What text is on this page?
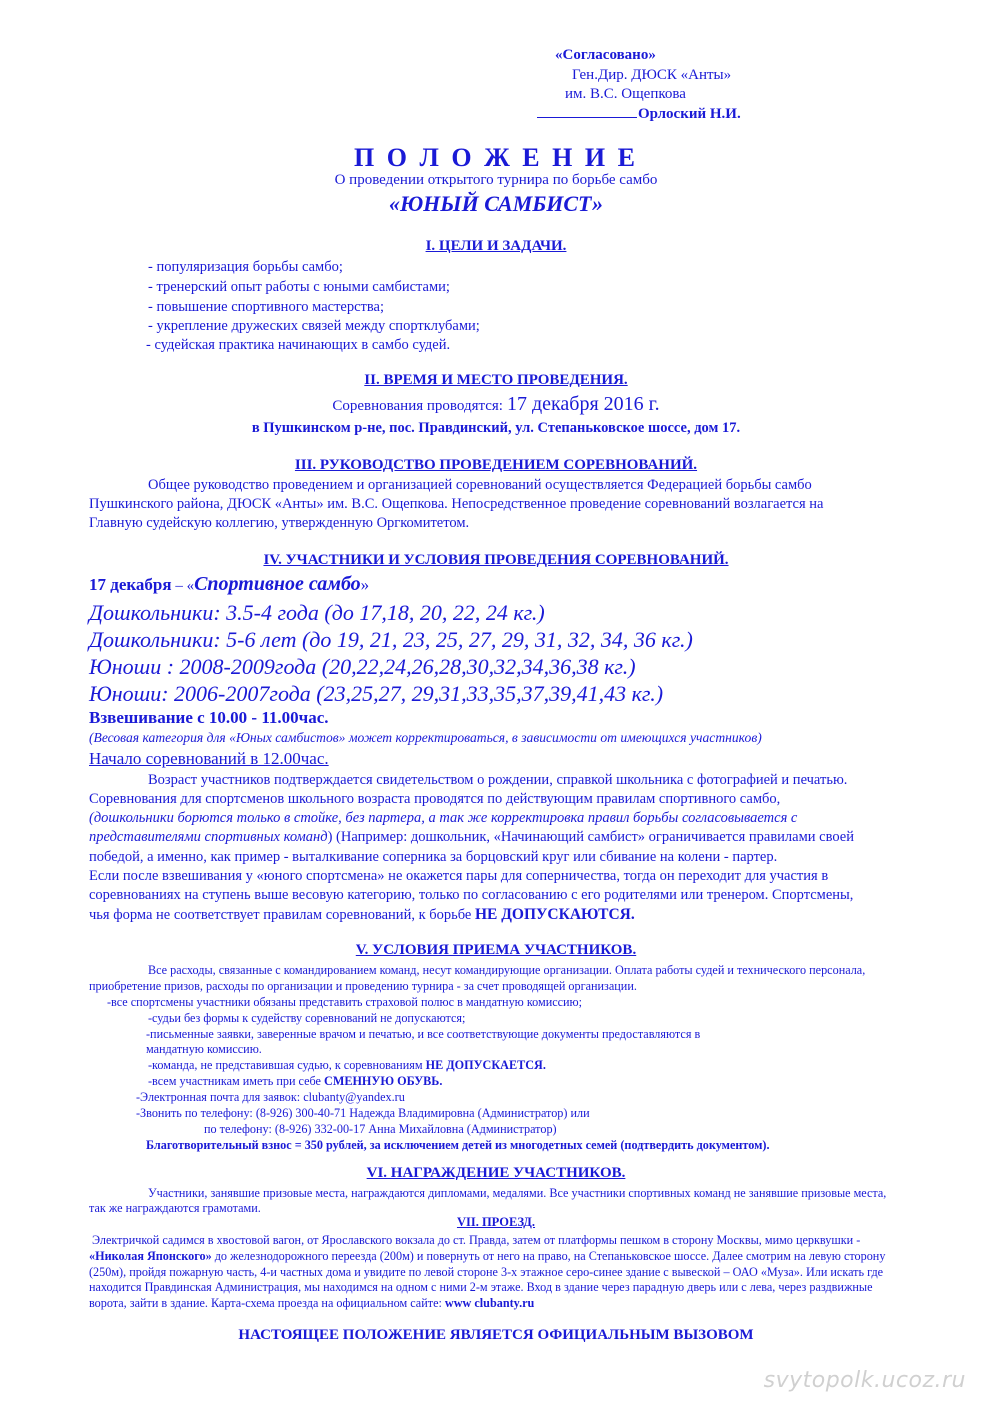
«Согласовано»
Ген.Дир. ДЮСК «Анты»
им. В.С. Ощепкова
Орлоский Н.И.
П О Л О Ж Е Н И Е
О проведении открытого турнира по борьбе самбо
«ЮНЫЙ САМБИСТ»
I. ЦЕЛИ И ЗАДАЧИ.
- популяризация борьбы самбо;
- тренерский опыт работы с юными самбистами;
- повышение спортивного мастерства;
- укрепление дружеских связей между спортклубами;
- судейская практика начинающих в самбо судей.
II. ВРЕМЯ И МЕСТО ПРОВЕДЕНИЯ.
Соревнования проводятся: 17 декабря 2016 г.
в Пушкинском р-не, пос. Правдинский, ул. Степаньковское шоссе, дом 17.
III. РУКОВОДСТВО ПРОВЕДЕНИЕМ СОРЕВНОВАНИЙ.
Общее руководство проведением и организацией соревнований осуществляется Федерацией борьбы самбо
Пушкинского района, ДЮСК «Анты» им. В.С. Ощепкова. Непосредственное проведение соревнований возлагается на
Главную судейскую коллегию, утвержденную Оргкомитетом.
IV. УЧАСТНИКИ И УСЛОВИЯ ПРОВЕДЕНИЯ СОРЕВНОВАНИЙ.
17 декабря – «Спортивное самбо»
Дошкольники: 3.5-4 года (до 17,18, 20, 22, 24 кг.)
Дошкольники: 5-6 лет (до 19, 21, 23, 25, 27, 29, 31, 32, 34, 36 кг.)
Юноши : 2008-2009года (20,22,24,26,28,30,32,34,36,38 кг.)
Юноши: 2006-2007года (23,25,27, 29,31,33,35,37,39,41,43 кг.)
Взвешивание с 10.00 - 11.00час.
(Весовая категория для «Юных самбистов» может корректироваться, в зависимости от имеющихся участников)
Начало соревнований в 12.00час.
Возраст участников подтверждается свидетельством о рождении, справкой школьника с фотографией и печатью.
Соревнования для спортсменов школьного возраста проводятся по действующим правилам спортивного самбо,
(дошкольники борются только в стойке, без партера, а так же корректировка правил борьбы согласовывается с
представителями спортивных команд) (Например: дошкольник, «Начинающий самбист» ограничивается правилами своей
победой, а именно, как пример - выталкивание соперника за борцовский круг или сбивание на колени - партер.
Если после взвешивания у «юного спортсмена» не окажется пары для соперничества, тогда он переходит для участия в
соревнованиях на ступень выше весовую категорию, только по согласованию с его родителями или тренером. Спортсмены,
чья форма не соответствует правилам соревнований, к борьбе НЕ ДОПУСКАЮТСЯ.
V. УСЛОВИЯ ПРИЕМА УЧАСТНИКОВ.
Все расходы, связанные с командированием команд, несут командирующие организации. Оплата работы судей и технического персонала,
приобретение призов, расходы по организации и проведению турнира - за счет проводящей организации.
-все спортсмены участники обязаны представить страховой полюс в мандатную комиссию;
-судьи без формы к судейству соревнований не допускаются;
-письменные заявки, заверенные врачом и печатью, и все соответствующие документы предоставляются в
мандатную комиссию.
-команда, не представившая судью, к соревнованиям НЕ ДОПУСКАЕТСЯ.
-всем участникам иметь при себе СМЕННУЮ ОБУВЬ.
-Электронная почта для заявок: clubanty@yandex.ru
-Звонить по телефону: (8-926) 300-40-71 Надежда Владимировна (Администратор) или
по телефону: (8-926) 332-00-17 Анна Михайловна (Администратор)
Благотворительный взнос = 350 рублей, за исключением детей из многодетных семей (подтвердить документом).
VI. НАГРАЖДЕНИЕ УЧАСТНИКОВ.
Участники, занявшие призовые места, награждаются дипломами, медалями. Все участники спортивных команд не занявшие призовые места,
так же награждаются грамотами.
VII. ПРОЕЗД.
Электричкой садимся в хвостовой вагон, от Ярославского вокзала до ст. Правда, затем от платформы пешком в сторону Москвы, мимо церквушки -
«Николая Японского» до железнодорожного переезда (200м) и повернуть от него на право, на Степаньковское шоссе. Далее смотрим на левую сторону
(250м), пройдя пожарную часть, 4-и частных дома и увидите по левой стороне 3-х этажное серо-синее здание с вывеской – ОАО «Муза». Или искать где
находится Правдинская Администрация, мы находимся на одном с ними 2-м этаже. Вход в здание через парадную дверь или с лева, через раздвижные
ворота, зайти в здание. Карта-схема проезда на официальном сайте: www clubanty.ru
НАСТОЯЩЕЕ ПОЛОЖЕНИЕ ЯВЛЯЕТСЯ ОФИЦИАЛЬНЫМ ВЫЗОВОМ
svytopolk.ucoz.ru
